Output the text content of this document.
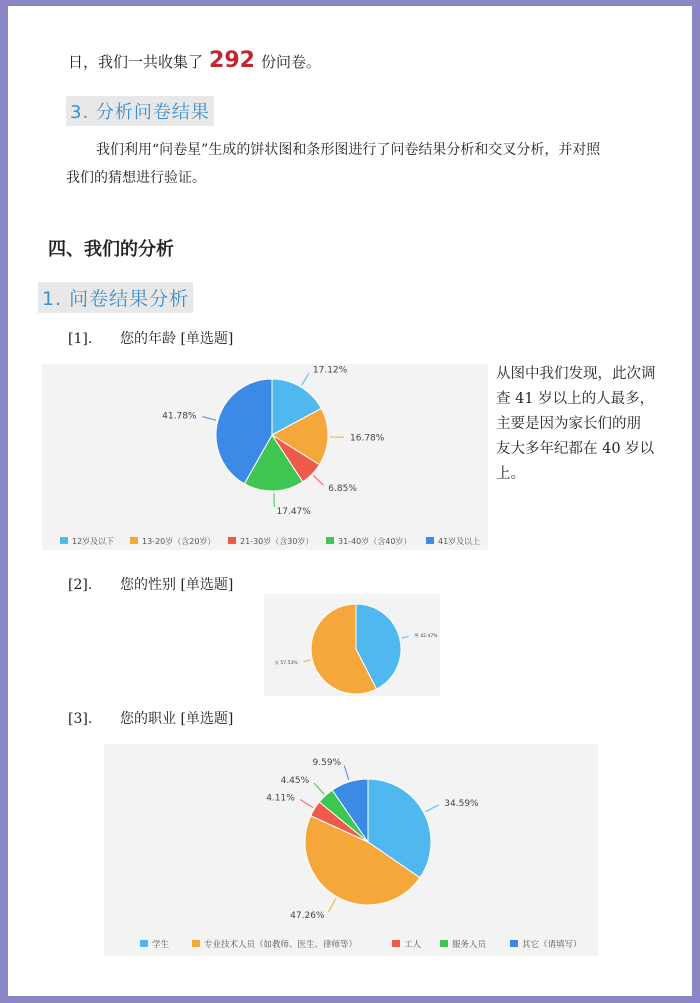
日，我们一共收集了 292 份问卷。
3. 分析问卷结果
我们利用“问卷星”生成的饼状图和条形图进行了问卷结果分析和交叉分析，并对照
我们的猜想进行验证。
四、我们的分析
1. 问卷结果分析
[1]. 您的年龄 [单选题]
17.12%
16.78%
6.85%
17.47%
41.78%
12岁及以下	13-20岁（含20岁）	21-30岁（含30岁）	31-40岁（含40岁）	41岁及以上
从图中我们发现，此次调
查 41 岁以上的人最多，
主要是因为家长们的朋
友大多年纪都在 40 岁以
上。
[2]. 您的性别 [单选题]
男 42.47%
女 57.53%
[3]. 您的职业 [单选题]
34.59%
47.26%
4.11%
4.45%
9.59%
学生	专业技术人员（如教师、医生、律师等）	工人	服务人员	其它（请填写）
